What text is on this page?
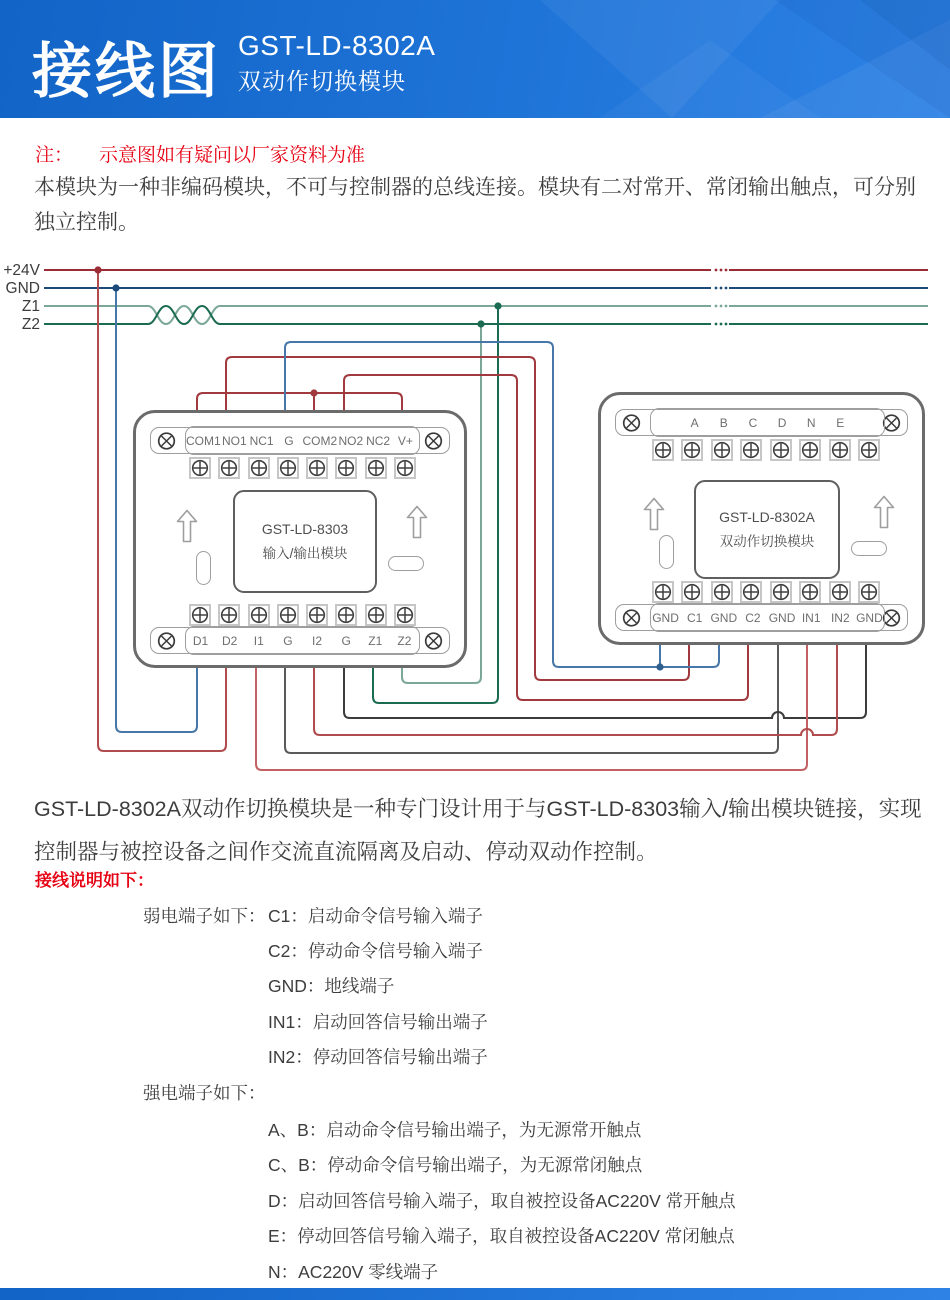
接线图 GST-LD-8302A
双动作切换模块
注： 示意图如有疑问以厂家资料为准
本模块为一种非编码模块，不可与控制器的总线连接。模块有二对常开、常闭输出触点，可分别独立控制。
+24V
GND
Z1
Z2
COM1 NO1 NC1 G COM2 NO2 NC2 V+
D1	D2	I1	G	I2	G	Z1	Z2
GST-LD-8303
输入/输出模块
A	B	C	D	N	E
GND C1 GND C2 GND IN1 IN2 GND
GST-LD-8302A
双动作切换模块
GST-LD-8302A双动作切换模块是一种专门设计用于与GST-LD-8303输入/输出模块链接，实现控制器与被控设备之间作交流直流隔离及启动、停动双动作控制。
接线说明如下：
弱电端子如下： C1：启动命令信号输入端子
C2：停动命令信号输入端子
GND：地线端子
IN1：启动回答信号输出端子
IN2：停动回答信号输出端子
强电端子如下：
A、B：启动命令信号输出端子，为无源常开触点
C、B：停动命令信号输出端子，为无源常闭触点
D：启动回答信号输入端子，取自被控设备AC220V 常开触点
E：停动回答信号输入端子，取自被控设备AC220V 常闭触点
N：AC220V 零线端子
